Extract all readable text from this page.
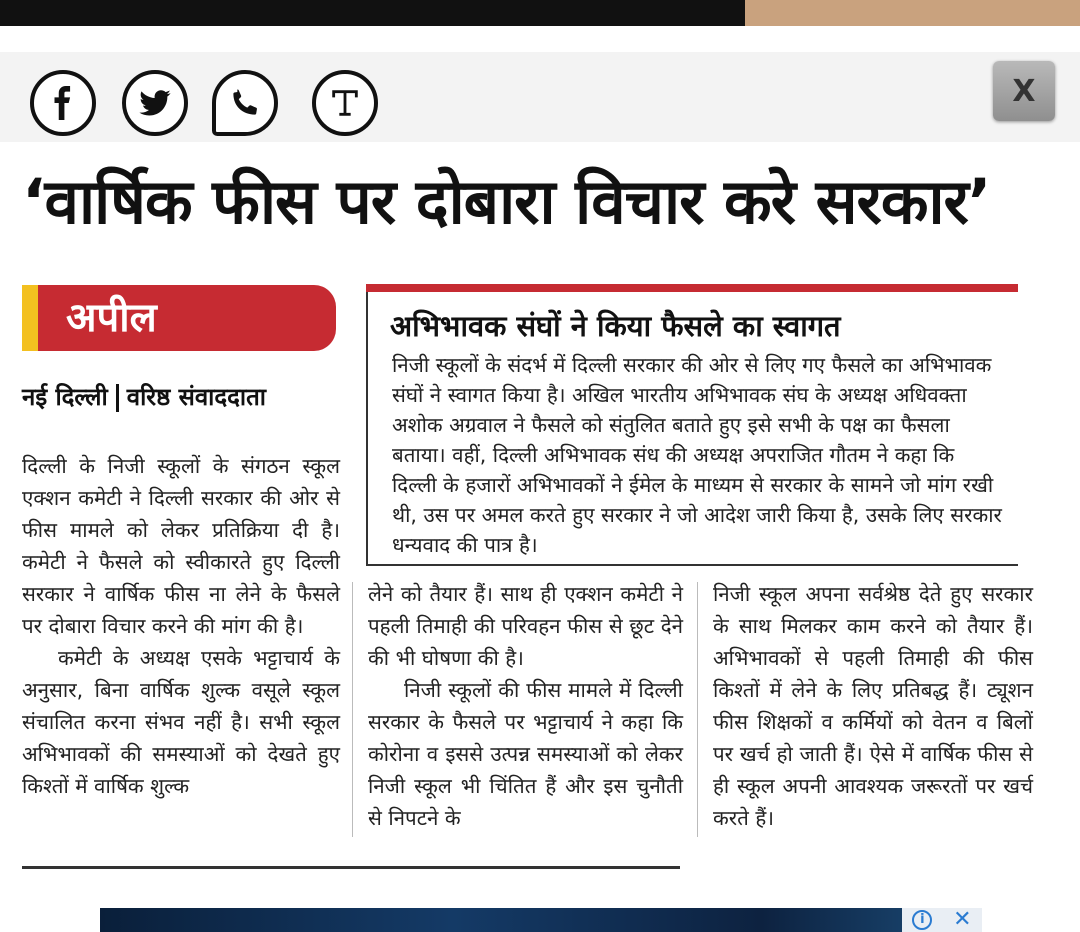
X
‘वार्षिक फीस पर दोबारा विचार करे सरकार’
अपील
नई दिल्ली वरिष्ठ संवाददाता
अभिभावक संघों ने किया फैसले का स्वागत
निजी स्कूलों के संदर्भ में दिल्ली सरकार की ओर से लिए गए फैसले का अभिभावक संघों ने स्वागत किया है। अखिल भारतीय अभिभावक संघ के अध्यक्ष अधिवक्ता अशोक अग्रवाल ने फैसले को संतुलित बताते हुए इसे सभी के पक्ष का फैसला बताया। वहीं, दिल्ली अभिभावक संध की अध्यक्ष अपराजित गौतम ने कहा कि दिल्ली के हजारों अभिभावकों ने ईमेल के माध्यम से सरकार के सामने जो मांग रखी थी, उस पर अमल करते हुए सरकार ने जो आदेश जारी किया है, उसके लिए सरकार धन्यवाद की पात्र है।

दिल्ली के निजी स्कूलों के संगठन स्कूल एक्शन कमेटी ने दिल्ली सरकार की ओर से फीस मामले को लेकर प्रतिक्रिया दी है। कमेटी ने फैसले को स्वीकारते हुए दिल्ली सरकार ने वार्षिक फीस ना लेने के फैसले पर दोबारा विचार करने की मांग की है।

कमेटी के अध्यक्ष एसके भट्टाचार्य के अनुसार, बिना वार्षिक शुल्क वसूले स्कूल संचालित करना संभव नहीं है। सभी स्कूल अभिभावकों की समस्याओं को देखते हुए किश्तों में वार्षिक शुल्क

लेने को तैयार हैं। साथ ही एक्शन कमेटी ने पहली तिमाही की परिवहन फीस से छूट देने की भी घोषणा की है।

निजी स्कूलों की फीस मामले में दिल्ली सरकार के फैसले पर भट्टाचार्य ने कहा कि कोरोना व इससे उत्पन्न समस्याओं को लेकर निजी स्कूल भी चिंतित हैं और इस चुनौती से निपटने के

निजी स्कूल अपना सर्वश्रेष्ठ देते हुए सरकार के साथ मिलकर काम करने को तैयार हैं। अभिभावकों से पहली तिमाही की फीस किश्तों में लेने के लिए प्रतिबद्ध हैं। ट्यूशन फीस शिक्षकों व कर्मियों को वेतन व बिलों पर खर्च हो जाती हैं। ऐसे में वार्षिक फीस से ही स्कूल अपनी आवश्यक जरूरतों पर खर्च करते हैं।

i	✕
